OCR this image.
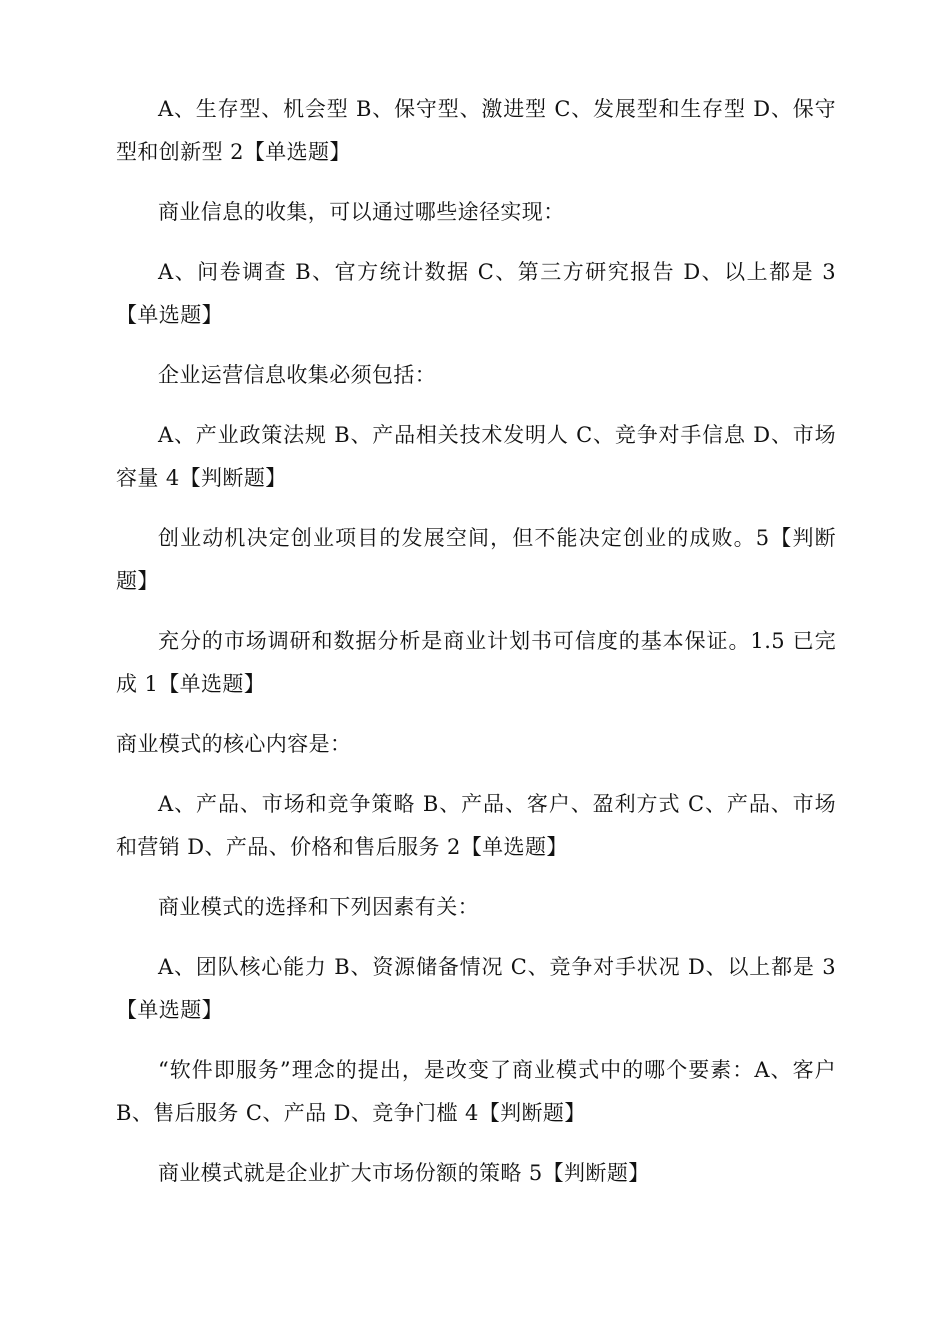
A、生存型、机会型 B、保守型、激进型 C、发展型和生存型 D、保守型和创新型 2【单选题】

商业信息的收集，可以通过哪些途径实现：

A、问卷调查 B、官方统计数据 C、第三方研究报告 D、以上都是 3【单选题】

企业运营信息收集必须包括：

A、产业政策法规 B、产品相关技术发明人 C、竞争对手信息 D、市场容量 4【判断题】

创业动机决定创业项目的发展空间，但不能决定创业的成败。5【判断题】

充分的市场调研和数据分析是商业计划书可信度的基本保证。1.5 已完成 1【单选题】

商业模式的核心内容是：

A、产品、市场和竞争策略 B、产品、客户、盈利方式 C、产品、市场和营销 D、产品、价格和售后服务 2【单选题】

商业模式的选择和下列因素有关：

A、团队核心能力 B、资源储备情况 C、竞争对手状况 D、以上都是 3【单选题】

“软件即服务”理念的提出，是改变了商业模式中的哪个要素：A、客户 B、售后服务 C、产品 D、竞争门槛 4【判断题】

商业模式就是企业扩大市场份额的策略 5【判断题】
